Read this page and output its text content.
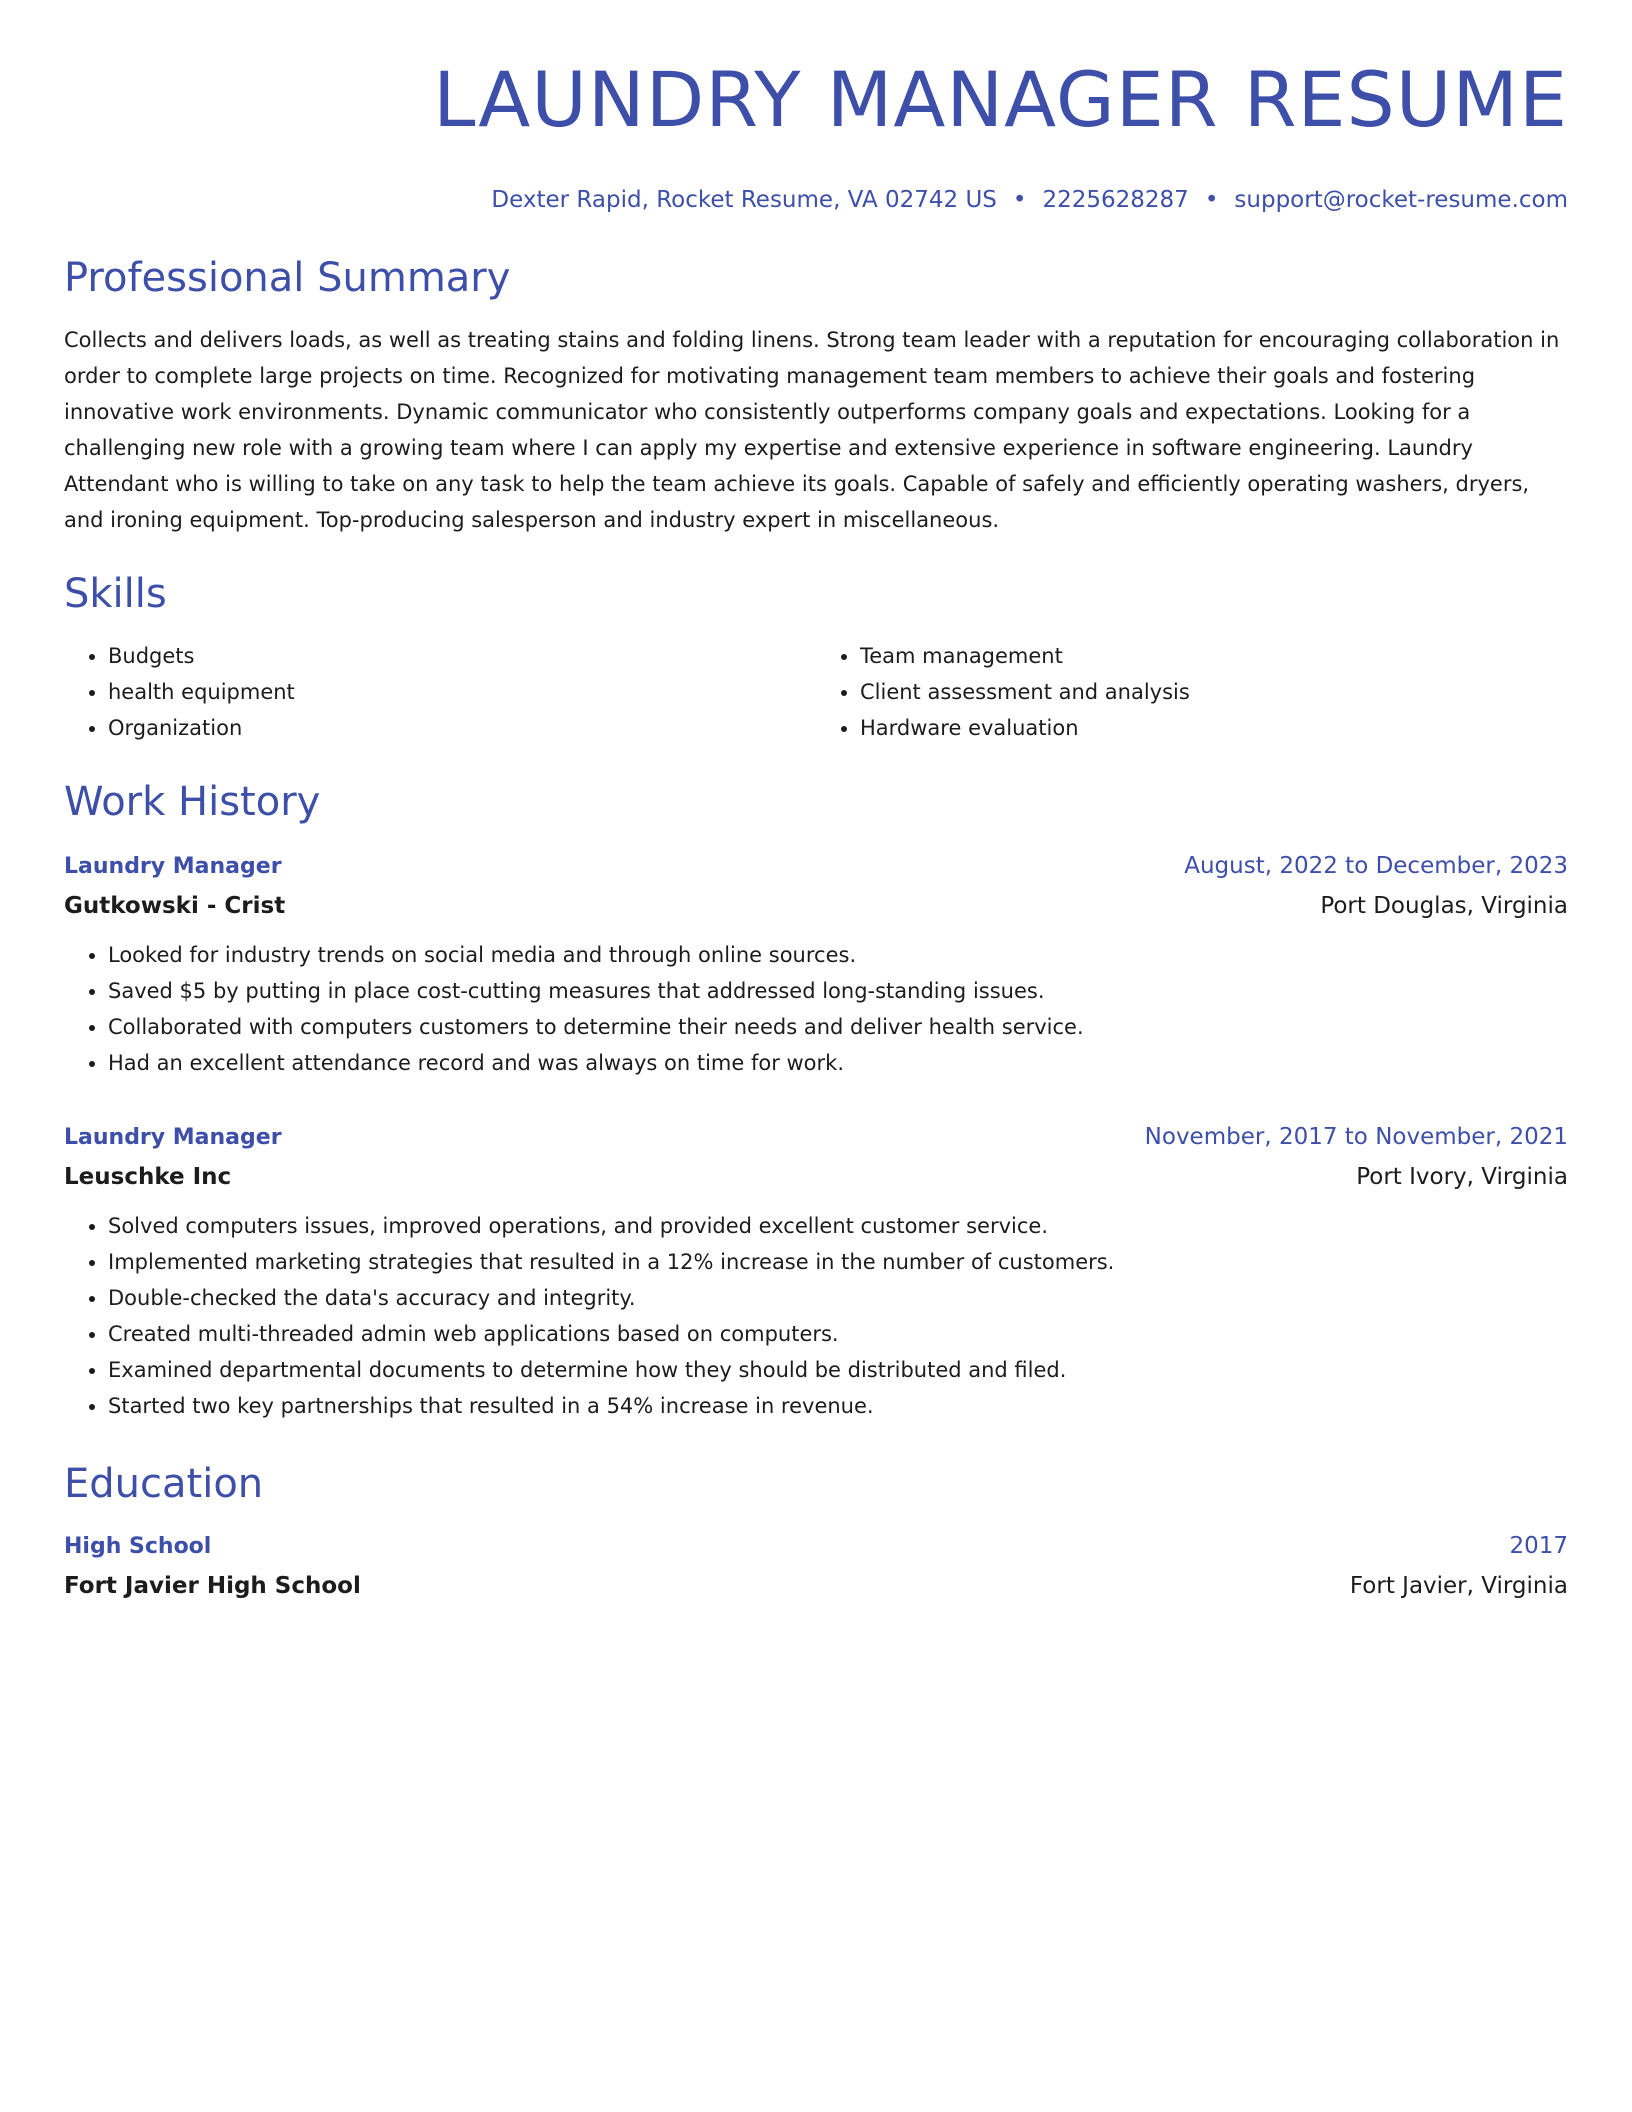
LAUNDRY MANAGER RESUME
Dexter Rapid, Rocket Resume, VA 02742 US • 2225628287 • support@rocket-resume.com
Professional Summary

Collects and delivers loads, as well as treating stains and folding linens. Strong team leader with a reputation for encouraging collaboration in order to complete large projects on time. Recognized for motivating management team members to achieve their goals and fostering innovative work environments. Dynamic communicator who consistently outperforms company goals and expectations. Looking for a challenging new role with a growing team where I can apply my expertise and extensive experience in software engineering. Laundry Attendant who is willing to take on any task to help the team achieve its goals. Capable of safely and efficiently operating washers, dryers, and ironing equipment. Top-producing salesperson and industry expert in miscellaneous.

Skills
• Budgets
• health equipment
• Organization
• Team management
• Client assessment and analysis
• Hardware evaluation
Work History
Laundry Manager	August, 2022 to December, 2023
Gutkowski - Crist	Port Douglas, Virginia
• Looked for industry trends on social media and through online sources.
• Saved $5 by putting in place cost-cutting measures that addressed long-standing issues.
• Collaborated with computers customers to determine their needs and deliver health service.
• Had an excellent attendance record and was always on time for work.
Laundry Manager	November, 2017 to November, 2021
Leuschke Inc	Port Ivory, Virginia
• Solved computers issues, improved operations, and provided excellent customer service.
• Implemented marketing strategies that resulted in a 12% increase in the number of customers.
• Double-checked the data's accuracy and integrity.
• Created multi-threaded admin web applications based on computers.
• Examined departmental documents to determine how they should be distributed and filed.
• Started two key partnerships that resulted in a 54% increase in revenue.
Education
High School	2017
Fort Javier High School	Fort Javier, Virginia
